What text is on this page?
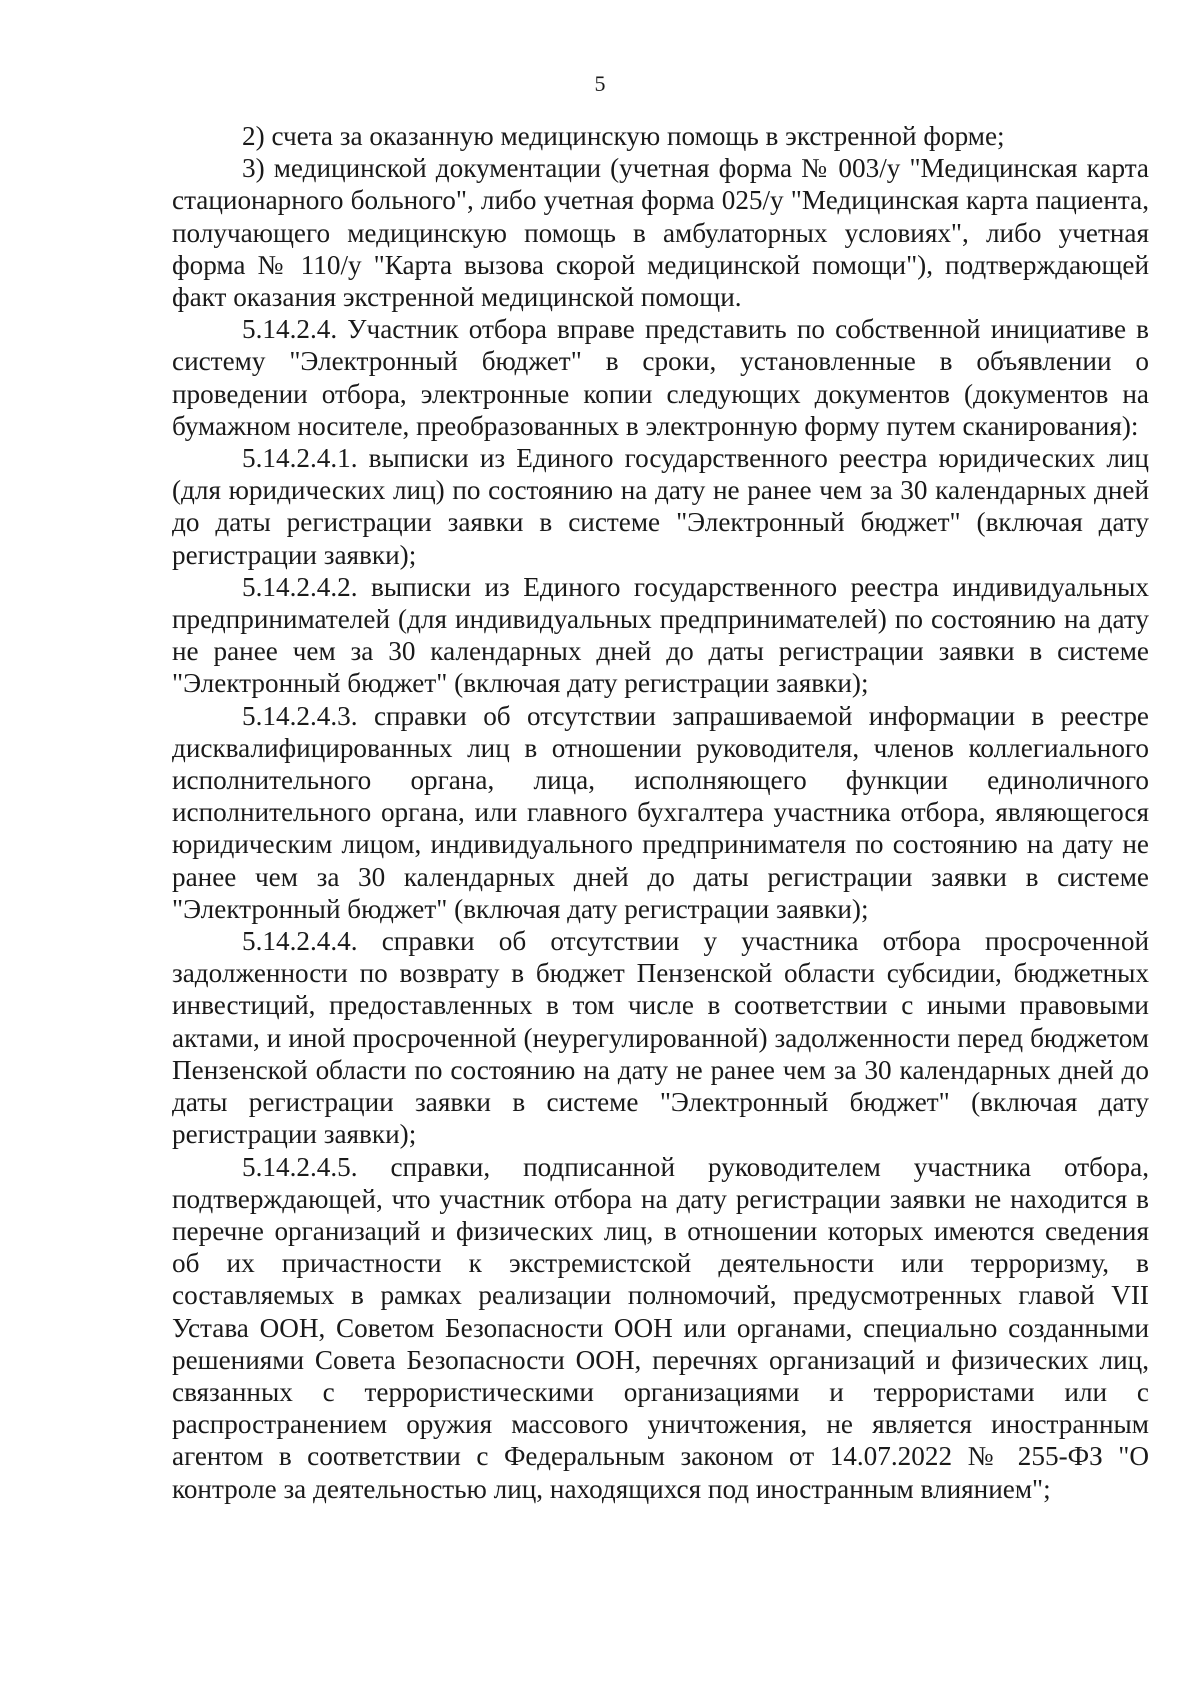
5

2) счета за оказанную медицинскую помощь в экстренной форме;

3) медицинской документации (учетная форма № 003/у "Медицинская карта стационарного больного", либо учетная форма 025/у "Медицинская карта пациента, получающего медицинскую помощь в амбулаторных условиях", либо учетная форма № 110/у "Карта вызова скорой медицинской помощи"), подтверждающей факт оказания экстренной медицинской помощи.

5.14.2.4. Участник отбора вправе представить по собственной инициативе в систему "Электронный бюджет" в сроки, установленные в объявлении о проведении отбора, электронные копии следующих документов (документов на бумажном носителе, преобразованных в электронную форму путем сканирования):

5.14.2.4.1. выписки из Единого государственного реестра юридических лиц (для юридических лиц) по состоянию на дату не ранее чем за 30 календарных дней до даты регистрации заявки в системе "Электронный бюджет" (включая дату регистрации заявки);

5.14.2.4.2. выписки из Единого государственного реестра индивидуальных предпринимателей (для индивидуальных предпринимателей) по состоянию на дату не ранее чем за 30 календарных дней до даты регистрации заявки в системе "Электронный бюджет" (включая дату регистрации заявки);

5.14.2.4.3. справки об отсутствии запрашиваемой информации в реестре дисквалифицированных лиц в отношении руководителя, членов коллегиального исполнительного органа, лица, исполняющего функции единоличного исполнительного органа, или главного бухгалтера участника отбора, являющегося юридическим лицом, индивидуального предпринимателя по состоянию на дату не ранее чем за 30 календарных дней до даты регистрации заявки в системе "Электронный бюджет" (включая дату регистрации заявки);

5.14.2.4.4. справки об отсутствии у участника отбора просроченной задолженности по возврату в бюджет Пензенской области субсидии, бюджетных инвестиций, предоставленных в том числе в соответствии с иными правовыми актами, и иной просроченной (неурегулированной) задолженности перед бюджетом Пензенской области по состоянию на дату не ранее чем за 30 календарных дней до даты регистрации заявки в системе "Электронный бюджет" (включая дату регистрации заявки);

5.14.2.4.5. справки, подписанной руководителем участника отбора, подтверждающей, что участник отбора на дату регистрации заявки не находится в перечне организаций и физических лиц, в отношении которых имеются сведения об их причастности к экстремистской деятельности или терроризму, в составляемых в рамках реализации полномочий, предусмотренных главой VII Устава ООН, Советом Безопасности ООН или органами, специально созданными решениями Совета Безопасности ООН, перечнях организаций и физических лиц, связанных с террористическими организациями и террористами или с распространением оружия массового уничтожения, не является иностранным агентом в соответствии с Федеральным законом от 14.07.2022 № 255-ФЗ "О контроле за деятельностью лиц, находящихся под иностранным влиянием";
